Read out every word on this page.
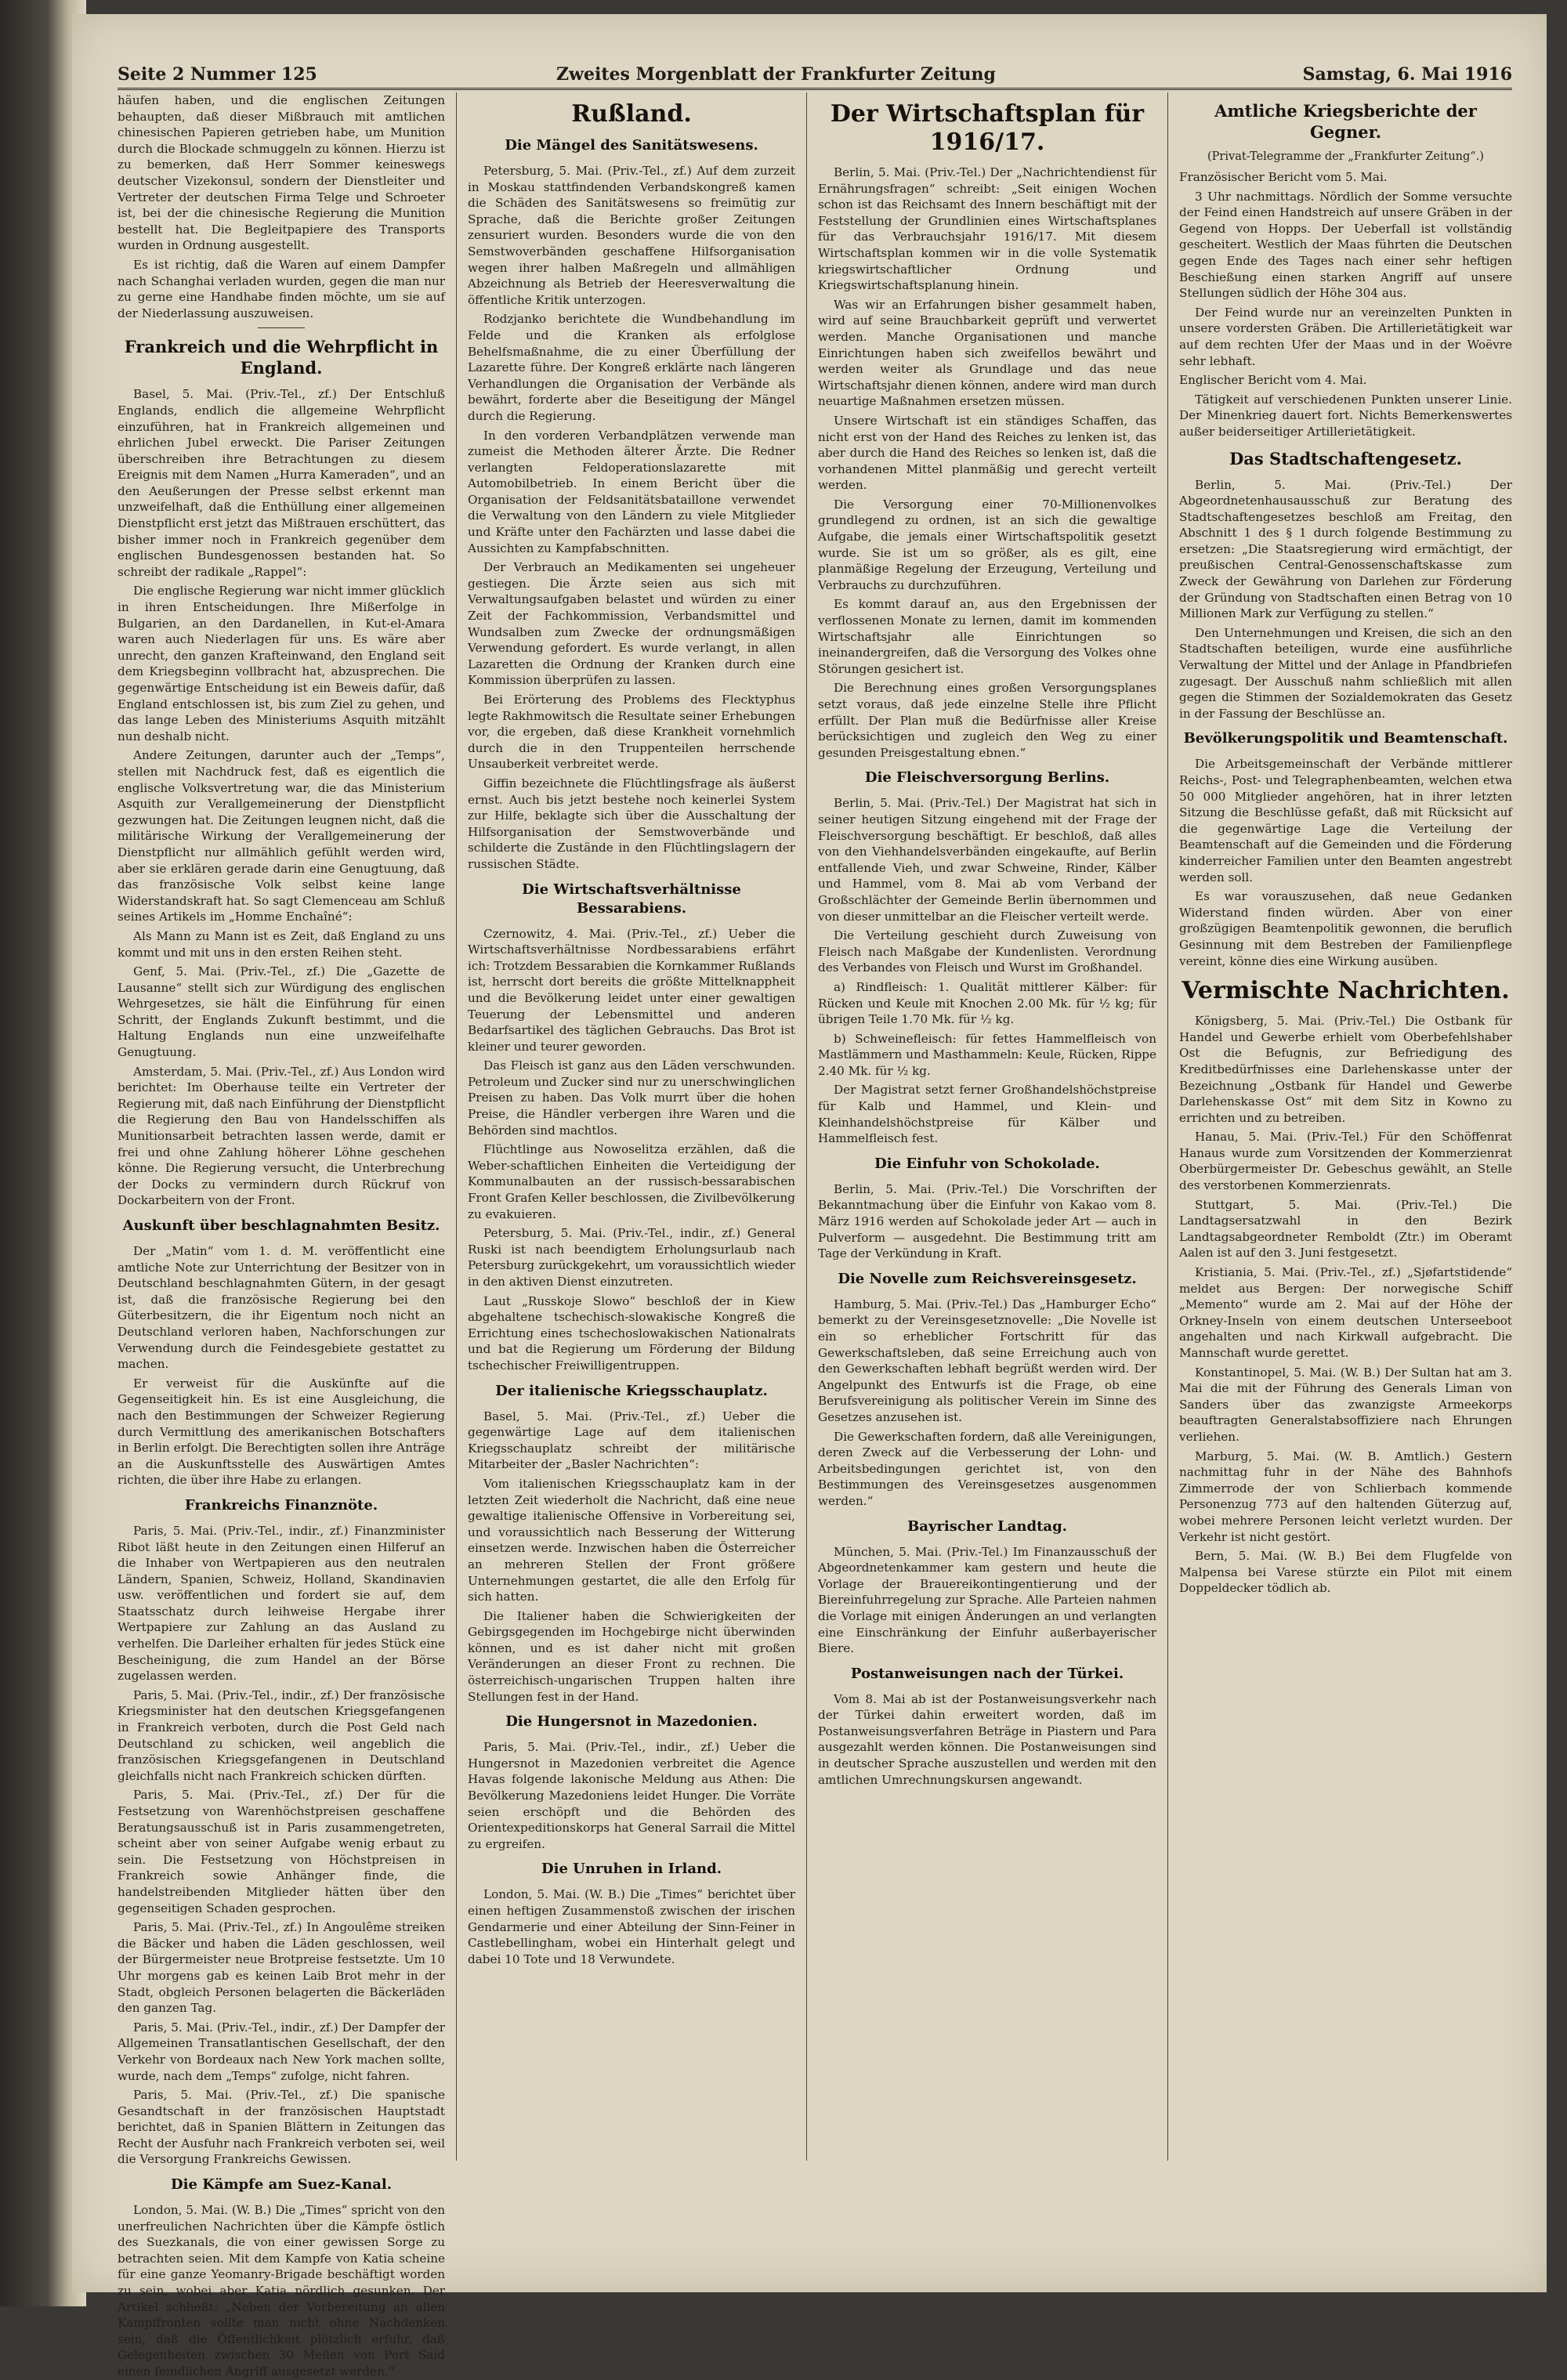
Seite 2 Nummer 125	Zweites Morgenblatt der Frankfurter Zeitung	Samstag, 6. Mai 1916

häufen haben, und die englischen Zeitungen behaupten, daß dieser Mißbrauch mit amtlichen chinesischen Papieren getrieben habe, um Munition durch die Blockade schmuggeln zu können. Hierzu ist zu bemerken, daß Herr Sommer keineswegs deutscher Vizekonsul, sondern der Dienstleiter und Vertreter der deutschen Firma Telge und Schroeter ist, bei der die chinesische Regierung die Munition bestellt hat. Die Begleitpapiere des Transports wurden in Ordnung ausgestellt.

Es ist richtig, daß die Waren auf einem Dampfer nach Schanghai verladen wurden, gegen die man nur zu gerne eine Handhabe finden möchte, um sie auf der Niederlassung auszuweisen.

Frankreich und die Wehrpflicht in England.

Basel, 5. Mai. (Priv.-Tel., zf.) Der Entschluß Englands, endlich die allgemeine Wehrpflicht einzuführen, hat in Frankreich allgemeinen und ehrlichen Jubel erweckt. Die Pariser Zeitungen überschreiben ihre Betrachtungen zu diesem Ereignis mit dem Namen „Hurra Kameraden“, und an den Aeußerungen der Presse selbst erkennt man unzweifelhaft, daß die Enthüllung einer allgemeinen Dienstpflicht erst jetzt das Mißtrauen erschüttert, das bisher immer noch in Frankreich gegenüber dem englischen Bundesgenossen bestanden hat. So schreibt der radikale „Rappel“:

Die englische Regierung war nicht immer glücklich in ihren Entscheidungen. Ihre Mißerfolge in Bulgarien, an den Dardanellen, in Kut-el-Amara waren auch Niederlagen für uns. Es wäre aber unrecht, den ganzen Krafteinwand, den England seit dem Kriegsbeginn vollbracht hat, abzusprechen. Die gegenwärtige Entscheidung ist ein Beweis dafür, daß England entschlossen ist, bis zum Ziel zu gehen, und das lange Leben des Ministeriums Asquith mitzählt nun deshalb nicht.

Andere Zeitungen, darunter auch der „Temps“, stellen mit Nachdruck fest, daß es eigentlich die englische Volksvertretung war, die das Ministerium Asquith zur Verallgemeinerung der Dienstpflicht gezwungen hat. Die Zeitungen leugnen nicht, daß die militärische Wirkung der Verallgemeinerung der Dienstpflicht nur allmählich gefühlt werden wird, aber sie erklären gerade darin eine Genugtuung, daß das französische Volk selbst keine lange Widerstandskraft hat. So sagt Clemenceau am Schluß seines Artikels im „Homme Enchaîné“:

Als Mann zu Mann ist es Zeit, daß England zu uns kommt und mit uns in den ersten Reihen steht.

Genf, 5. Mai. (Priv.-Tel., zf.) Die „Gazette de Lausanne“ stellt sich zur Würdigung des englischen Wehrgesetzes, sie hält die Einführung für einen Schritt, der Englands Zukunft bestimmt, und die Haltung Englands nun eine unzweifelhafte Genugtuung.

Amsterdam, 5. Mai. (Priv.-Tel., zf.) Aus London wird berichtet: Im Oberhause teilte ein Vertreter der Regierung mit, daß nach Einführung der Dienstpflicht die Regierung den Bau von Handelsschiffen als Munitionsarbeit betrachten lassen werde, damit er frei und ohne Zahlung höherer Löhne geschehen könne. Die Regierung versucht, die Unterbrechung der Docks zu vermindern durch Rückruf von Dockarbeitern von der Front.

Auskunft über beschlagnahmten Besitz.

Der „Matin“ vom 1. d. M. veröffentlicht eine amtliche Note zur Unterrichtung der Besitzer von in Deutschland beschlagnahmten Gütern, in der gesagt ist, daß die französische Regierung bei den Güterbesitzern, die ihr Eigentum noch nicht an Deutschland verloren haben, Nachforschungen zur Verwendung durch die Feindesgebiete gestattet zu machen.

Er verweist für die Auskünfte auf die Gegenseitigkeit hin. Es ist eine Ausgleichung, die nach den Bestimmungen der Schweizer Regierung durch Vermittlung des amerikanischen Botschafters in Berlin erfolgt. Die Berechtigten sollen ihre Anträge an die Auskunftsstelle des Auswärtigen Amtes richten, die über ihre Habe zu erlangen.

Frankreichs Finanznöte.

Paris, 5. Mai. (Priv.-Tel., indir., zf.) Finanzminister Ribot läßt heute in den Zeitungen einen Hilferuf an die Inhaber von Wertpapieren aus den neutralen Ländern, Spanien, Schweiz, Holland, Skandinavien usw. veröffentlichen und fordert sie auf, dem Staatsschatz durch leihweise Hergabe ihrer Wertpapiere zur Zahlung an das Ausland zu verhelfen. Die Darleiher erhalten für jedes Stück eine Bescheinigung, die zum Handel an der Börse zugelassen werden.

Paris, 5. Mai. (Priv.-Tel., indir., zf.) Der französische Kriegsminister hat den deutschen Kriegsgefangenen in Frankreich verboten, durch die Post Geld nach Deutschland zu schicken, weil angeblich die französischen Kriegsgefangenen in Deutschland gleichfalls nicht nach Frankreich schicken dürften.

Paris, 5. Mai. (Priv.-Tel., zf.) Der für die Festsetzung von Warenhöchstpreisen geschaffene Beratungsausschuß ist in Paris zusammengetreten, scheint aber von seiner Aufgabe wenig erbaut zu sein. Die Festsetzung von Höchstpreisen in Frankreich sowie Anhänger finde, die handelstreibenden Mitglieder hätten über den gegenseitigen Schaden gesprochen.

Paris, 5. Mai. (Priv.-Tel., zf.) In Angoulême streiken die Bäcker und haben die Läden geschlossen, weil der Bürgermeister neue Brotpreise festsetzte. Um 10 Uhr morgens gab es keinen Laib Brot mehr in der Stadt, obgleich Personen belagerten die Bäckerläden den ganzen Tag.

Paris, 5. Mai. (Priv.-Tel., indir., zf.) Der Dampfer der Allgemeinen Transatlantischen Gesellschaft, der den Verkehr von Bordeaux nach New York machen sollte, wurde, nach dem „Temps“ zufolge, nicht fahren.

Paris, 5. Mai. (Priv.-Tel., zf.) Die spanische Gesandtschaft in der französischen Hauptstadt berichtet, daß in Spanien Blättern in Zeitungen das Recht der Ausfuhr nach Frankreich verboten sei, weil die Versorgung Frankreichs Gewissen.

Die Kämpfe am Suez-Kanal.

London, 5. Mai. (W. B.) Die „Times“ spricht von den unerfreulichen Nachrichten über die Kämpfe östlich des Suezkanals, die von einer gewissen Sorge zu betrachten seien. Mit dem Kampfe von Katia scheine für eine ganze Yeomanry-Brigade beschäftigt worden zu sein, wobei aber Katia nördlich gesunken. Der Artikel schließt: „Neben der Vorbereitung an allen Kampffronten sollte man nicht ohne Nachdenken sein, daß die Öffentlichkeit plötzlich erfuhr, daß Gelegenheiten zwischen 30 Meilen von Port Said einen feindlichen Angriff ausgesetzt werden.“

Rußland.
Die Mängel des Sanitätswesens.

Petersburg, 5. Mai. (Priv.-Tel., zf.) Auf dem zurzeit in Moskau stattfindenden Verbandskongreß kamen die Schäden des Sanitätswesens so freimütig zur Sprache, daß die Berichte großer Zeitungen zensuriert wurden. Besonders wurde die von den Semstwoverbänden geschaffene Hilfsorganisation wegen ihrer halben Maßregeln und allmähligen Abzeichnung als Betrieb der Heeresverwaltung die öffentliche Kritik unterzogen.

Rodzjanko berichtete die Wundbehandlung im Felde und die Kranken als erfolglose Behelfsmaßnahme, die zu einer Überfüllung der Lazarette führe. Der Kongreß erklärte nach längeren Verhandlungen die Organisation der Verbände als bewährt, forderte aber die Beseitigung der Mängel durch die Regierung.

In den vorderen Verbandplätzen verwende man zumeist die Methoden älterer Ärzte. Die Redner verlangten Feldoperationslazarette mit Automobilbetrieb. In einem Bericht über die Organisation der Feldsanitätsbataillone verwendet die Verwaltung von den Ländern zu viele Mitglieder und Kräfte unter den Fachärzten und lasse dabei die Aussichten zu Kampfabschnitten.

Der Verbrauch an Medikamenten sei ungeheuer gestiegen. Die Ärzte seien aus sich mit Verwaltungsaufgaben belastet und würden zu einer Zeit der Fachkommission, Verbandsmittel und Wundsalben zum Zwecke der ordnungsmäßigen Verwendung gefordert. Es wurde verlangt, in allen Lazaretten die Ordnung der Kranken durch eine Kommission überprüfen zu lassen.

Bei Erörterung des Problems des Flecktyphus legte Rakhmowitsch die Resultate seiner Erhebungen vor, die ergeben, daß diese Krankheit vornehmlich durch die in den Truppenteilen herrschende Unsauberkeit verbreitet werde.

Giffin bezeichnete die Flüchtlingsfrage als äußerst ernst. Auch bis jetzt bestehe noch keinerlei System zur Hilfe, beklagte sich über die Ausschaltung der Hilfsorganisation der Semstwoverbände und schilderte die Zustände in den Flüchtlingslagern der russischen Städte.

Die Wirtschaftsverhältnisse Bessarabiens.

Czernowitz, 4. Mai. (Priv.-Tel., zf.) Ueber die Wirtschaftsverhältnisse Nordbessarabiens erfährt ich: Trotzdem Bessarabien die Kornkammer Rußlands ist, herrscht dort bereits die größte Mittelknappheit und die Bevölkerung leidet unter einer gewaltigen Teuerung der Lebensmittel und anderen Bedarfsartikel des täglichen Gebrauchs. Das Brot ist kleiner und teurer geworden.

Das Fleisch ist ganz aus den Läden verschwunden. Petroleum und Zucker sind nur zu unerschwinglichen Preisen zu haben. Das Volk murrt über die hohen Preise, die Händler verbergen ihre Waren und die Behörden sind machtlos.

Flüchtlinge aus Nowoselitza erzählen, daß die Weber-schaftlichen Einheiten die Verteidigung der Kommunalbauten an der russisch-bessarabischen Front Grafen Keller beschlossen, die Zivilbevölkerung zu evakuieren.

Petersburg, 5. Mai. (Priv.-Tel., indir., zf.) General Ruski ist nach beendigtem Erholungsurlaub nach Petersburg zurückgekehrt, um voraussichtlich wieder in den aktiven Dienst einzutreten.

Laut „Russkoje Slowo“ beschloß der in Kiew abgehaltene tschechisch-slowakische Kongreß die Errichtung eines tschechoslowakischen Nationalrats und bat die Regierung um Förderung der Bildung tschechischer Freiwilligentruppen.

Der italienische Kriegsschauplatz.

Basel, 5. Mai. (Priv.-Tel., zf.) Ueber die gegenwärtige Lage auf dem italienischen Kriegsschauplatz schreibt der militärische Mitarbeiter der „Basler Nachrichten“:

Vom italienischen Kriegsschauplatz kam in der letzten Zeit wiederholt die Nachricht, daß eine neue gewaltige italienische Offensive in Vorbereitung sei, und voraussichtlich nach Besserung der Witterung einsetzen werde. Inzwischen haben die Österreicher an mehreren Stellen der Front größere Unternehmungen gestartet, die alle den Erfolg für sich hatten.

Die Italiener haben die Schwierigkeiten der Gebirgsgegenden im Hochgebirge nicht überwinden können, und es ist daher nicht mit großen Veränderungen an dieser Front zu rechnen. Die österreichisch-ungarischen Truppen halten ihre Stellungen fest in der Hand.

Die Hungersnot in Mazedonien.

Paris, 5. Mai. (Priv.-Tel., indir., zf.) Ueber die Hungersnot in Mazedonien verbreitet die Agence Havas folgende lakonische Meldung aus Athen: Die Bevölkerung Mazedoniens leidet Hunger. Die Vorräte seien erschöpft und die Behörden des Orientexpeditionskorps hat General Sarrail die Mittel zu ergreifen.

Die Unruhen in Irland.

London, 5. Mai. (W. B.) Die „Times“ berichtet über einen heftigen Zusammenstoß zwischen der irischen Gendarmerie und einer Abteilung der Sinn-Feiner in Castlebellingham, wobei ein Hinterhalt gelegt und dabei 10 Tote und 18 Verwundete.

Der Wirtschaftsplan für 1916/17.

Berlin, 5. Mai. (Priv.-Tel.) Der „Nachrichtendienst für Ernährungsfragen“ schreibt: „Seit einigen Wochen schon ist das Reichsamt des Innern beschäftigt mit der Feststellung der Grundlinien eines Wirtschaftsplanes für das Verbrauchsjahr 1916/17. Mit diesem Wirtschaftsplan kommen wir in die volle Systematik kriegswirtschaftlicher Ordnung und Kriegswirtschaftsplanung hinein.

Was wir an Erfahrungen bisher gesammelt haben, wird auf seine Brauchbarkeit geprüft und verwertet werden. Manche Organisationen und manche Einrichtungen haben sich zweifellos bewährt und werden weiter als Grundlage und das neue Wirtschaftsjahr dienen können, andere wird man durch neuartige Maßnahmen ersetzen müssen.

Unsere Wirtschaft ist ein ständiges Schaffen, das nicht erst von der Hand des Reiches zu lenken ist, das aber durch die Hand des Reiches so lenken ist, daß die vorhandenen Mittel planmäßig und gerecht verteilt werden.

Die Versorgung einer 70-Millionenvolkes grundlegend zu ordnen, ist an sich die gewaltige Aufgabe, die jemals einer Wirtschaftspolitik gesetzt wurde. Sie ist um so größer, als es gilt, eine planmäßige Regelung der Erzeugung, Verteilung und Verbrauchs zu durchzuführen.

Es kommt darauf an, aus den Ergebnissen der verflossenen Monate zu lernen, damit im kommenden Wirtschaftsjahr alle Einrichtungen so ineinandergreifen, daß die Versorgung des Volkes ohne Störungen gesichert ist.

Die Berechnung eines großen Versorgungsplanes setzt voraus, daß jede einzelne Stelle ihre Pflicht erfüllt. Der Plan muß die Bedürfnisse aller Kreise berücksichtigen und zugleich den Weg zu einer gesunden Preisgestaltung ebnen.“

Die Fleischversorgung Berlins.

Berlin, 5. Mai. (Priv.-Tel.) Der Magistrat hat sich in seiner heutigen Sitzung eingehend mit der Frage der Fleischversorgung beschäftigt. Er beschloß, daß alles von den Viehhandelsverbänden eingekaufte, auf Berlin entfallende Vieh, und zwar Schweine, Rinder, Kälber und Hammel, vom 8. Mai ab vom Verband der Großschlächter der Gemeinde Berlin übernommen und von dieser unmittelbar an die Fleischer verteilt werde.

Die Verteilung geschieht durch Zuweisung von Fleisch nach Maßgabe der Kundenlisten. Verordnung des Verbandes von Fleisch und Wurst im Großhandel.

a) Rindfleisch: 1. Qualität mittlerer Kälber: für Rücken und Keule mit Knochen 2.00 Mk. für ½ kg; für übrigen Teile 1.70 Mk. für ½ kg.

b) Schweinefleisch: für fettes Hammelfleisch von Mastlämmern und Masthammeln: Keule, Rücken, Rippe 2.40 Mk. für ½ kg.

Der Magistrat setzt ferner Großhandelshöchstpreise für Kalb und Hammel, und Klein- und Kleinhandelshöchstpreise für Kälber und Hammelfleisch fest.

Die Einfuhr von Schokolade.

Berlin, 5. Mai. (Priv.-Tel.) Die Vorschriften der Bekanntmachung über die Einfuhr von Kakao vom 8. März 1916 werden auf Schokolade jeder Art — auch in Pulverform — ausgedehnt. Die Bestimmung tritt am Tage der Verkündung in Kraft.

Die Novelle zum Reichsvereinsgesetz.

Hamburg, 5. Mai. (Priv.-Tel.) Das „Hamburger Echo“ bemerkt zu der Vereinsgesetznovelle: „Die Novelle ist ein so erheblicher Fortschritt für das Gewerkschaftsleben, daß seine Erreichung auch von den Gewerkschaften lebhaft begrüßt werden wird. Der Angelpunkt des Entwurfs ist die Frage, ob eine Berufsvereinigung als politischer Verein im Sinne des Gesetzes anzusehen ist.

Die Gewerkschaften fordern, daß alle Vereinigungen, deren Zweck auf die Verbesserung der Lohn- und Arbeitsbedingungen gerichtet ist, von den Bestimmungen des Vereinsgesetzes ausgenommen werden.“

Bayrischer Landtag.

München, 5. Mai. (Priv.-Tel.) Im Finanzausschuß der Abgeordnetenkammer kam gestern und heute die Vorlage der Brauereikontingentierung und der Biereinfuhrregelung zur Sprache. Alle Parteien nahmen die Vorlage mit einigen Änderungen an und verlangten eine Einschränkung der Einfuhr außerbayerischer Biere.

Postanweisungen nach der Türkei.

Vom 8. Mai ab ist der Postanweisungsverkehr nach der Türkei dahin erweitert worden, daß im Postanweisungsverfahren Beträge in Piastern und Para ausgezahlt werden können. Die Postanweisungen sind in deutscher Sprache auszustellen und werden mit den amtlichen Umrechnungskursen angewandt.

Amtliche Kriegsberichte der Gegner.
(Privat-Telegramme der „Frankfurter Zeitung“.)

Französischer Bericht vom 5. Mai.

3 Uhr nachmittags. Nördlich der Somme versuchte der Feind einen Handstreich auf unsere Gräben in der Gegend von Hopps. Der Ueberfall ist vollständig gescheitert. Westlich der Maas führten die Deutschen gegen Ende des Tages nach einer sehr heftigen Beschießung einen starken Angriff auf unsere Stellungen südlich der Höhe 304 aus.

Der Feind wurde nur an vereinzelten Punkten in unsere vordersten Gräben. Die Artillerietätigkeit war auf dem rechten Ufer der Maas und in der Woëvre sehr lebhaft.

Englischer Bericht vom 4. Mai.

Tätigkeit auf verschiedenen Punkten unserer Linie. Der Minenkrieg dauert fort. Nichts Bemerkenswertes außer beiderseitiger Artillerietätigkeit.

Das Stadtschaftengesetz.

Berlin, 5. Mai. (Priv.-Tel.) Der Abgeordnetenhausausschuß zur Beratung des Stadtschaftengesetzes beschloß am Freitag, den Abschnitt 1 des § 1 durch folgende Bestimmung zu ersetzen: „Die Staatsregierung wird ermächtigt, der preußischen Central-Genossenschaftskasse zum Zweck der Gewährung von Darlehen zur Förderung der Gründung von Stadtschaften einen Betrag von 10 Millionen Mark zur Verfügung zu stellen.“

Den Unternehmungen und Kreisen, die sich an den Stadtschaften beteiligen, wurde eine ausführliche Verwaltung der Mittel und der Anlage in Pfandbriefen zugesagt. Der Ausschuß nahm schließlich mit allen gegen die Stimmen der Sozialdemokraten das Gesetz in der Fassung der Beschlüsse an.

Bevölkerungspolitik und Beamtenschaft.

Die Arbeitsgemeinschaft der Verbände mittlerer Reichs-, Post- und Telegraphenbeamten, welchen etwa 50 000 Mitglieder angehören, hat in ihrer letzten Sitzung die Beschlüsse gefaßt, daß mit Rücksicht auf die gegenwärtige Lage die Verteilung der Beamtenschaft auf die Gemeinden und die Förderung kinderreicher Familien unter den Beamten angestrebt werden soll.

Es war vorauszusehen, daß neue Gedanken Widerstand finden würden. Aber von einer großzügigen Beamtenpolitik gewonnen, die beruflich Gesinnung mit dem Bestreben der Familienpflege vereint, könne dies eine Wirkung ausüben.

Vermischte Nachrichten.

Königsberg, 5. Mai. (Priv.-Tel.) Die Ostbank für Handel und Gewerbe erhielt vom Oberbefehlshaber Ost die Befugnis, zur Befriedigung des Kreditbedürfnisses eine Darlehenskasse unter der Bezeichnung „Ostbank für Handel und Gewerbe Darlehenskasse Ost“ mit dem Sitz in Kowno zu errichten und zu betreiben.

Hanau, 5. Mai. (Priv.-Tel.) Für den Schöffenrat Hanaus wurde zum Vorsitzenden der Kommerzienrat Oberbürgermeister Dr. Gebeschus gewählt, an Stelle des verstorbenen Kommerzienrats.

Stuttgart, 5. Mai. (Priv.-Tel.) Die Landtagsersatzwahl in den Bezirk Landtagsabgeordneter Remboldt (Ztr.) im Oberamt Aalen ist auf den 3. Juni festgesetzt.

Kristiania, 5. Mai. (Priv.-Tel., zf.) „Sjøfartstidende“ meldet aus Bergen: Der norwegische Schiff „Memento“ wurde am 2. Mai auf der Höhe der Orkney-Inseln von einem deutschen Unterseeboot angehalten und nach Kirkwall aufgebracht. Die Mannschaft wurde gerettet.

Konstantinopel, 5. Mai. (W. B.) Der Sultan hat am 3. Mai die mit der Führung des Generals Liman von Sanders über das zwanzigste Armeekorps beauftragten Generalstabsoffiziere nach Ehrungen verliehen.

Marburg, 5. Mai. (W. B. Amtlich.) Gestern nachmittag fuhr in der Nähe des Bahnhofs Zimmerrode der von Schlierbach kommende Personenzug 773 auf den haltenden Güterzug auf, wobei mehrere Personen leicht verletzt wurden. Der Verkehr ist nicht gestört.

Bern, 5. Mai. (W. B.) Bei dem Flugfelde von Malpensa bei Varese stürzte ein Pilot mit einem Doppeldecker tödlich ab.
